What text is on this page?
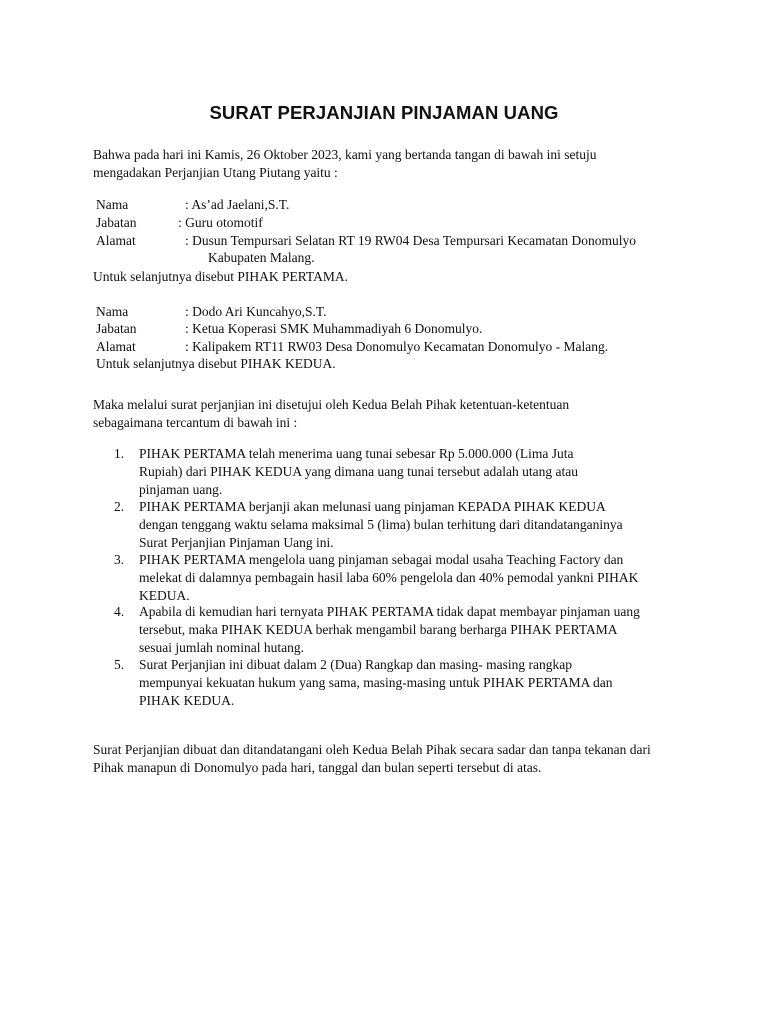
SURAT PERJANJIAN PINJAMAN UANG
Bahwa pada hari ini Kamis, 26 Oktober 2023, kami yang bertanda tangan di bawah ini setuju
mengadakan Perjanjian Utang Piutang yaitu :
Nama	: As’ad Jaelani,S.T.
Jabatan	: Guru otomotif
Alamat	: Dusun Tempursari Selatan RT 19 RW04 Desa Tempursari Kecamatan Donomulyo
Kabupaten Malang.
Untuk selanjutnya disebut PIHAK PERTAMA.
Nama	: Dodo Ari Kuncahyo,S.T.
Jabatan	: Ketua Koperasi SMK Muhammadiyah 6 Donomulyo.
Alamat	: Kalipakem RT11 RW03 Desa Donomulyo Kecamatan Donomulyo - Malang.
Untuk selanjutnya disebut PIHAK KEDUA.
Maka melalui surat perjanjian ini disetujui oleh Kedua Belah Pihak ketentuan-ketentuan
sebagaimana tercantum di bawah ini :
1. PIHAK PERTAMA telah menerima uang tunai sebesar Rp 5.000.000 (Lima Juta
Rupiah) dari PIHAK KEDUA yang dimana uang tunai tersebut adalah utang atau
pinjaman uang.
2. PIHAK PERTAMA berjanji akan melunasi uang pinjaman KEPADA PIHAK KEDUA
dengan tenggang waktu selama maksimal 5 (lima) bulan terhitung dari ditandatanganinya
Surat Perjanjian Pinjaman Uang ini.
3. PIHAK PERTAMA mengelola uang pinjaman sebagai modal usaha Teaching Factory dan
melekat di dalamnya pembagain hasil laba 60% pengelola dan 40% pemodal yankni PIHAK
KEDUA.
4. Apabila di kemudian hari ternyata PIHAK PERTAMA tidak dapat membayar pinjaman uang
tersebut, maka PIHAK KEDUA berhak mengambil barang berharga PIHAK PERTAMA
sesuai jumlah nominal hutang.
5. Surat Perjanjian ini dibuat dalam 2 (Dua) Rangkap dan masing- masing rangkap
mempunyai kekuatan hukum yang sama, masing-masing untuk PIHAK PERTAMA dan
PIHAK KEDUA.
Surat Perjanjian dibuat dan ditandatangani oleh Kedua Belah Pihak secara sadar dan tanpa tekanan dari
Pihak manapun di Donomulyo pada hari, tanggal dan bulan seperti tersebut di atas.
